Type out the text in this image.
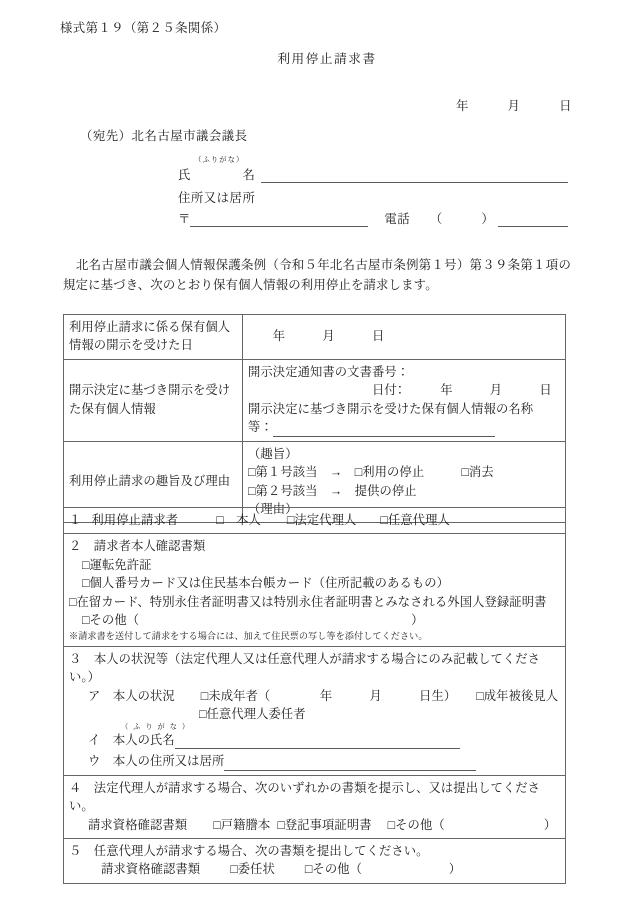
様式第１９（第２５条関係）
利用停止請求書
年　　　月　　　日
（宛先）北名古屋市議会議長
（ふりがな）
氏　　　　名
住所又は居所
〒	電話　　（　　　）
北名古屋市議会個人情報保護条例（令和５年北名古屋市条例第１号）第３９条第１項の規定に基づき、次のとおり保有個人情報の利用停止を請求します。
利用停止請求に係る保有個人情報の開示を受けた日	　　年　　　月　　　日
開示決定に基づき開示を受けた保有個人情報	開示決定通知書の文書番号：
　　　　　　　　　　日付：　　　年　　　月　　　日
開示決定に基づき開示を受けた保有個人情報の名称
等：
利用停止請求の趣旨及び理由	（趣旨）
□第１号該当　→　□利用の停止　　　□消去
□第２号該当　→　提供の停止
（理由）
１ 利用停止請求者	□　本人 □法定代理人 □任意代理人

２　請求者本人確認書類
□運転免許証
□個人番号カード又は住民基本台帳カード（住所記載のあるもの）
□在留カード、特別永住者証明書又は特別永住者証明書とみなされる外国人登録証明書
□その他（	）
※請求書を送付して請求をする場合には、加えて住民票の写し等を添付してください。

３　本人の状況等（法定代理人又は任意代理人が請求する場合にのみ記載してください。）
ア　本人の状況 □未成年者（　　　　年　　　月　　　日生） □成年被後見人
□任意代理人委任者
（ ふ り が な ）
イ　本人の氏名 ウ　本人の住所又は居所

４　法定代理人が請求する場合、次のいずれかの書類を提示し、又は提出してください。
請求資格確認書類 □戸籍謄本 □登記事項証明書 □その他（　　　　　　　　）

５　任意代理人が請求する場合、次の書類を提出してください。
請求資格確認書類 □委任状 □その他（　　　　　　　）
